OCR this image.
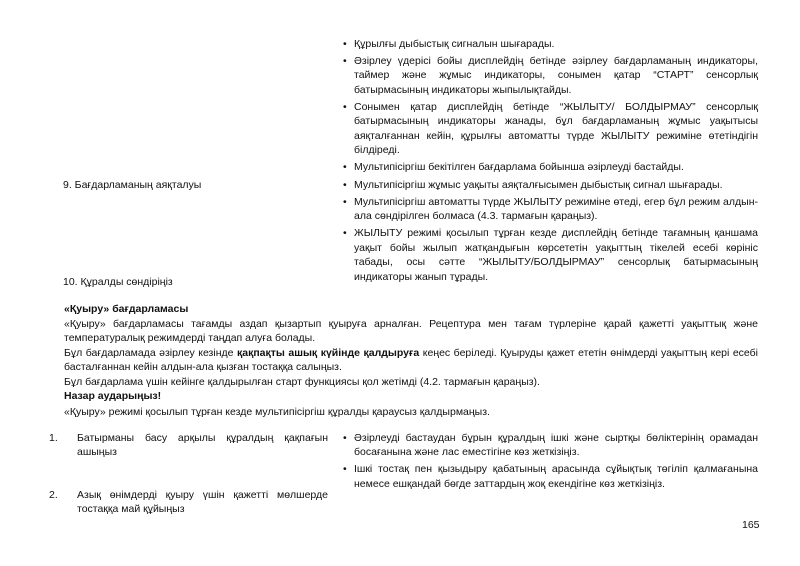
• Құрылғы дыбыстық сигналын шығарады.
• Әзірлеу үдерісі бойы дисплейдің бетінде әзірлеу бағдарламаның индикаторы, таймер және жұмыс индикаторы, сонымен қатар “СТАРТ” сенсорлық батырмасының индикаторы жыпылықтайды.
• Сонымен қатар дисплейдің бетінде “ЖЫЛЫТУ/ БОЛДЫРМАУ” сенсорлық батырмасының индикаторы жанады, бұл бағдарламаның жұмыс уақытысы аяқталғаннан кейін, құрылғы автоматты түрде ЖЫЛЫТУ режиміне өтетіндігін білдіреді.
• Мультипісіргіш бекітілген бағдарлама бойынша әзірлеуді бастайды.
9. Бағдарламаның аяқталуы
•	Мультипісіргіш жұмыс уақыты аяқталғысымен дыбыстық сигнал шығарады.
• Мультипісіргіш автоматты түрде ЖЫЛЫТУ режиміне өтеді, егер бұл режим алдын-ала сөндірілген болмаса (4.3. тармағын қараңыз).
• ЖЫЛЫТУ режимі қосылып тұрған кезде дисплейдің бетінде тағамның қаншама уақыт бойы жылып жатқандығын көрсететін уақыттың тікелей есебі көрініс табады, осы сәтте “ЖЫЛЫТУ/БОЛДЫРМАУ” сенсорлық батырмасының индикаторы жанып тұрады.
10. Құралды сөндіріңіз
«Қуыру» бағдарламасы
«Қуыру» бағдарламасы тағамды аздап қызартып қуыруға арналған. Рецептура мен тағам түрлеріне қарай қажетті уақыттық және температуралық режимдерді таңдап алуға болады.
Бұл бағдарламада әзірлеу кезінде қақпақты ашық күйінде қалдыруға кеңес беріледі. Қуыруды қажет ететін өнімдерді уақыттың кері есебі басталғаннан кейін алдын-ала қызған тостаққа салыңыз.
Бұл бағдарлама үшін кейінге қалдырылған старт функциясы қол жетімді (4.2. тармағын қараңыз).
Назар аударыңыз!
«Қуыру» режимі қосылып тұрған кезде мультипісіргіш құралды қараусыз қалдырмаңыз.
1. Батырманы басу арқылы құралдың қақпағын ашыңыз
• Әзірлеуді бастаудан бұрын құралдың ішкі және сыртқы бөліктерінің орамадан босағанына және лас еместігіне көз жеткізіңіз.
• Ішкі тостақ пен қызыдыру қабатының арасында сұйықтық төгіліп қалмағанына немесе ешқандай бөгде заттардың жоқ екендігіне көз жеткізіңіз.
2. Азық өнімдерді қуыру үшін қажетті мөлшерде тостаққа май құйыңыз
165
